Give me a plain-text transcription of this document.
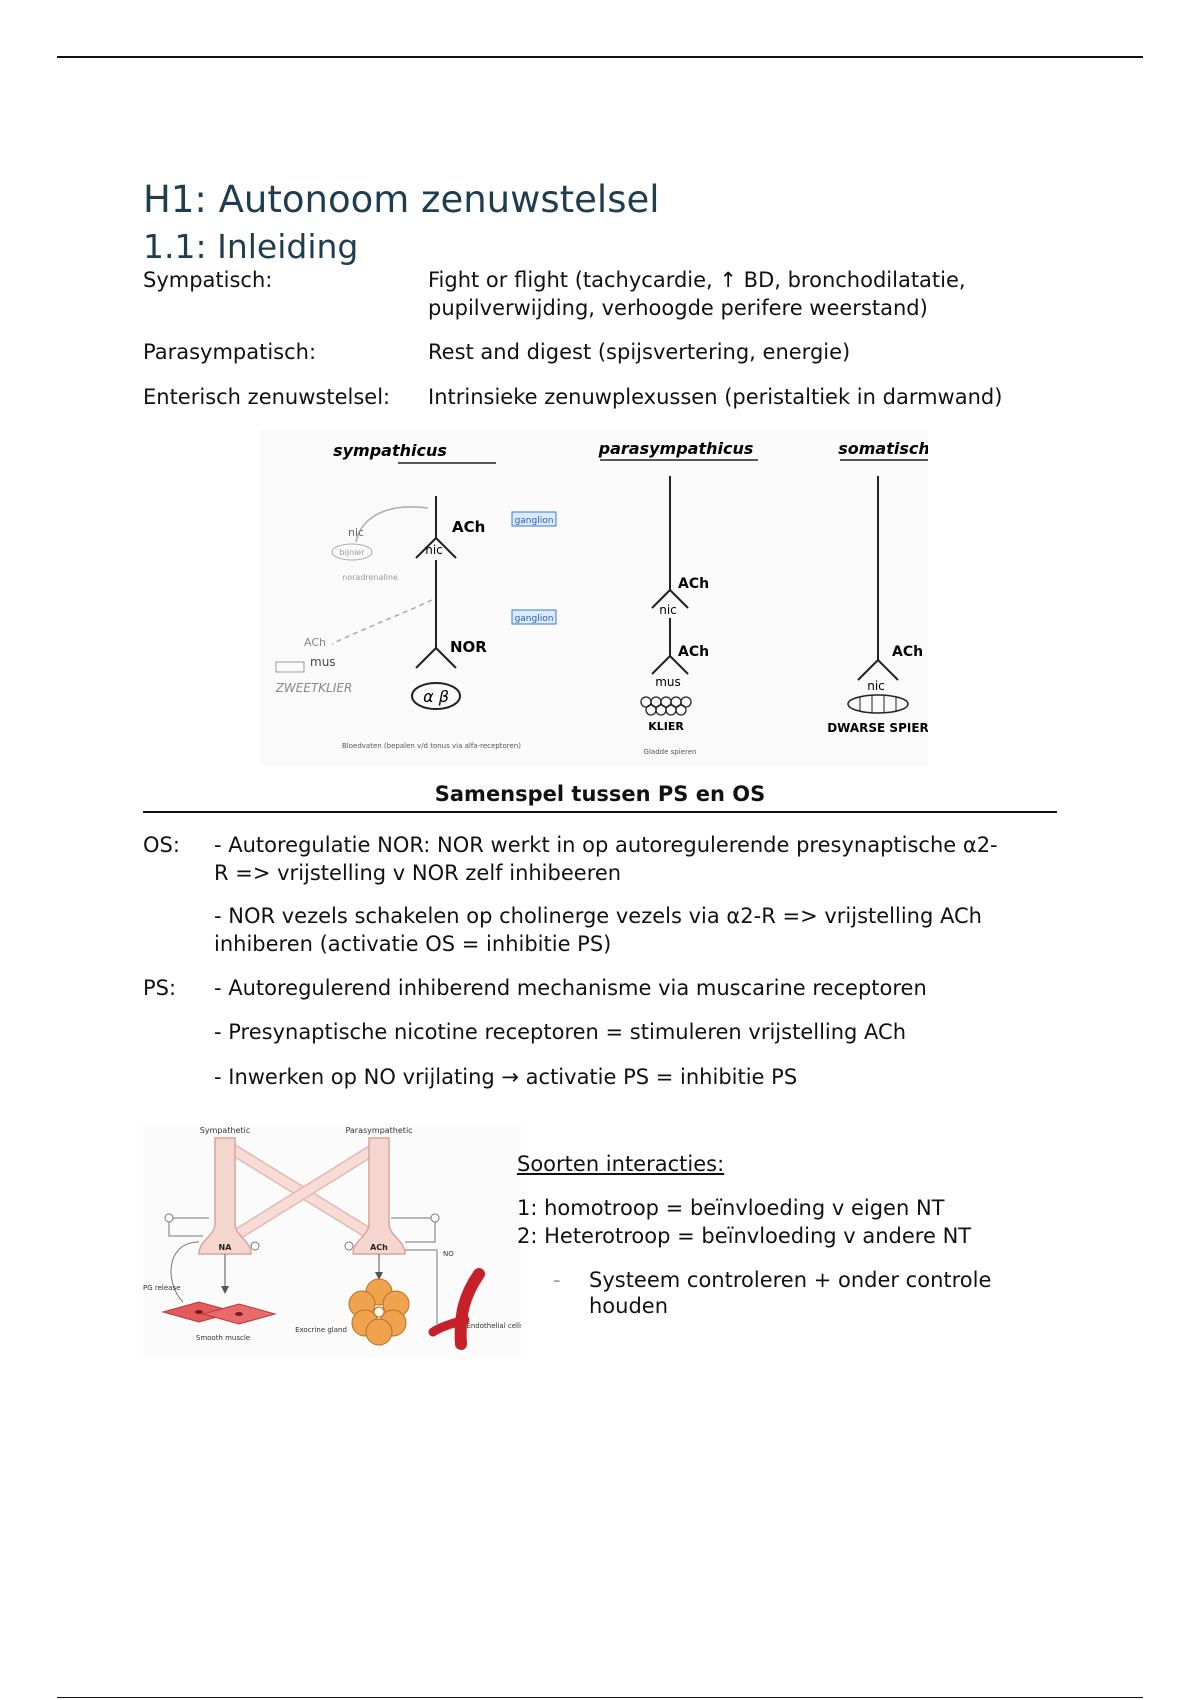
H1: Autonoom zenuwstelsel
1.1: Inleiding
Sympatisch:	Fight or flight (tachycardie, ↑ BD, bronchodilatatie,
pupilverwijding, verhoogde perifere weerstand)
Parasympatisch:	Rest and digest (spijsvertering, energie)
Enterisch zenuwstelsel: Intrinsieke zenuwplexussen (peristaltiek in darmwand)
sympathicus	parasympathicus	somatisch
nic
ACh
NOR
α β
ganglion
ganglion
nic
bijnier
noradrenaline
ACh
mus
ZWEETKLIER
Bloedvaten (bepalen v/d tonus via alfa-receptoren)
nic
ACh
ACh
mus
KLIER
Gladde spieren
ACh
nic
DWARSE SPIER
Samenspel tussen PS en OS
OS: - Autoregulatie NOR: NOR werkt in op autoregulerende presynaptische α2-
R => vrijstelling v NOR zelf inhibeeren
- NOR vezels schakelen op cholinerge vezels via α2-R => vrijstelling ACh
inhiberen (activatie OS = inhibitie PS)
PS: - Autoregulerend inhiberend mechanisme via muscarine receptoren
- Presynaptische nicotine receptoren = stimuleren vrijstelling ACh
- Inwerken op NO vrijlating → activatie PS = inhibitie PS
Sympathetic	Parasympathetic
NA	ACh
NO
PG release
Smooth muscle
Exocrine gland	Endothelial cells
Soorten interacties:
1: homotroop = beïnvloeding v eigen NT
2: Heterotroop = beïnvloeding v andere NT
- Systeem controleren + onder controle
houden
